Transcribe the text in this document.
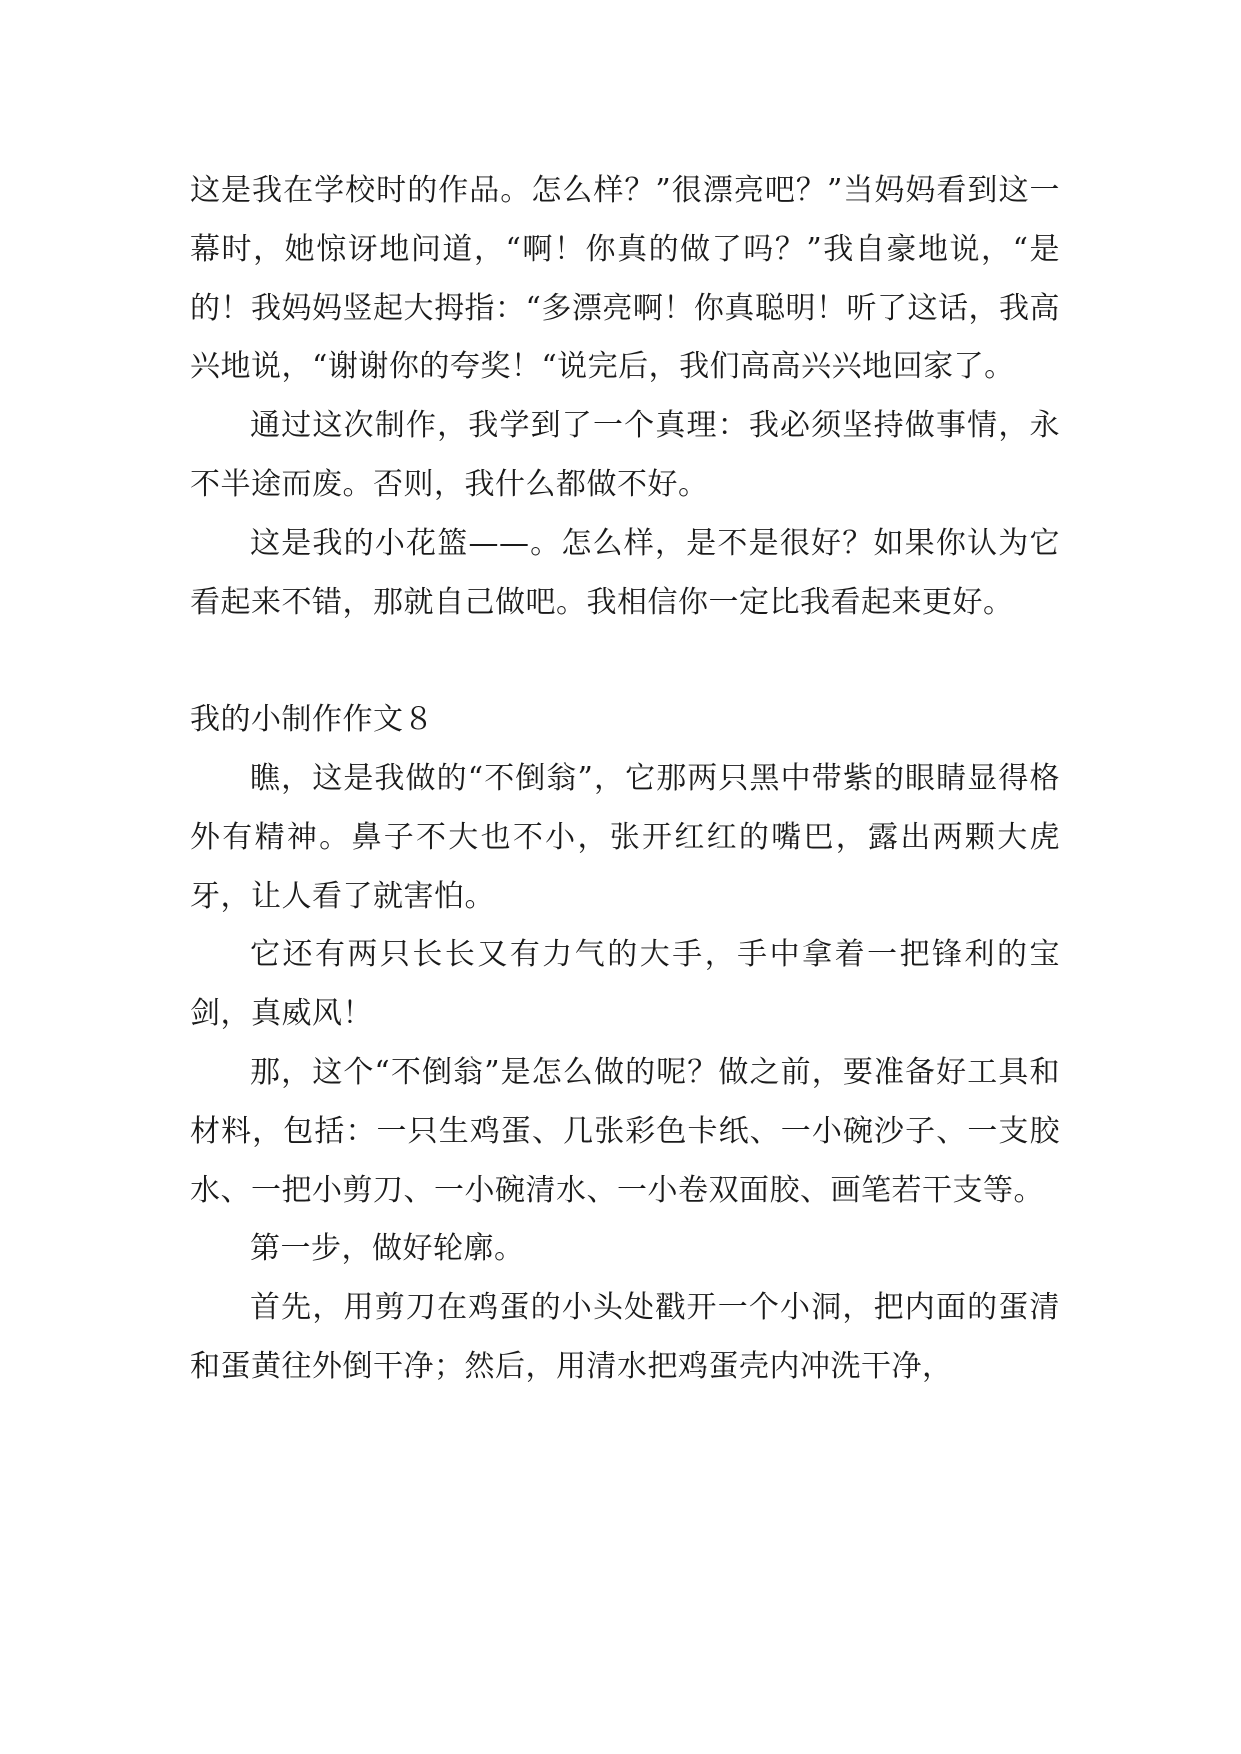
这是我在学校时的作品。怎么样？”很漂亮吧？”当妈妈看到这一幕时，她惊讶地问道，“啊！你真的做了吗？”我自豪地说，“是的！我妈妈竖起大拇指：“多漂亮啊！你真聪明！听了这话，我高兴地说，“谢谢你的夸奖！“说完后，我们高高兴兴地回家了。

通过这次制作，我学到了一个真理：我必须坚持做事情，永不半途而废。否则，我什么都做不好。

这是我的小花篮——。怎么样，是不是很好？如果你认为它看起来不错，那就自己做吧。我相信你一定比我看起来更好。

我的小制作作文８

瞧，这是我做的“不倒翁”，它那两只黑中带紫的眼睛显得格外有精神。鼻子不大也不小，张开红红的嘴巴，露出两颗大虎牙，让人看了就害怕。

它还有两只长长又有力气的大手，手中拿着一把锋利的宝剑，真威风！

那，这个“不倒翁”是怎么做的呢？做之前，要准备好工具和材料，包括：一只生鸡蛋、几张彩色卡纸、一小碗沙子、一支胶水、一把小剪刀、一小碗清水、一小卷双面胶、画笔若干支等。

第一步，做好轮廓。

首先，用剪刀在鸡蛋的小头处戳开一个小洞，把内面的蛋清和蛋黄往外倒干净；然后，用清水把鸡蛋壳内冲洗干净，
